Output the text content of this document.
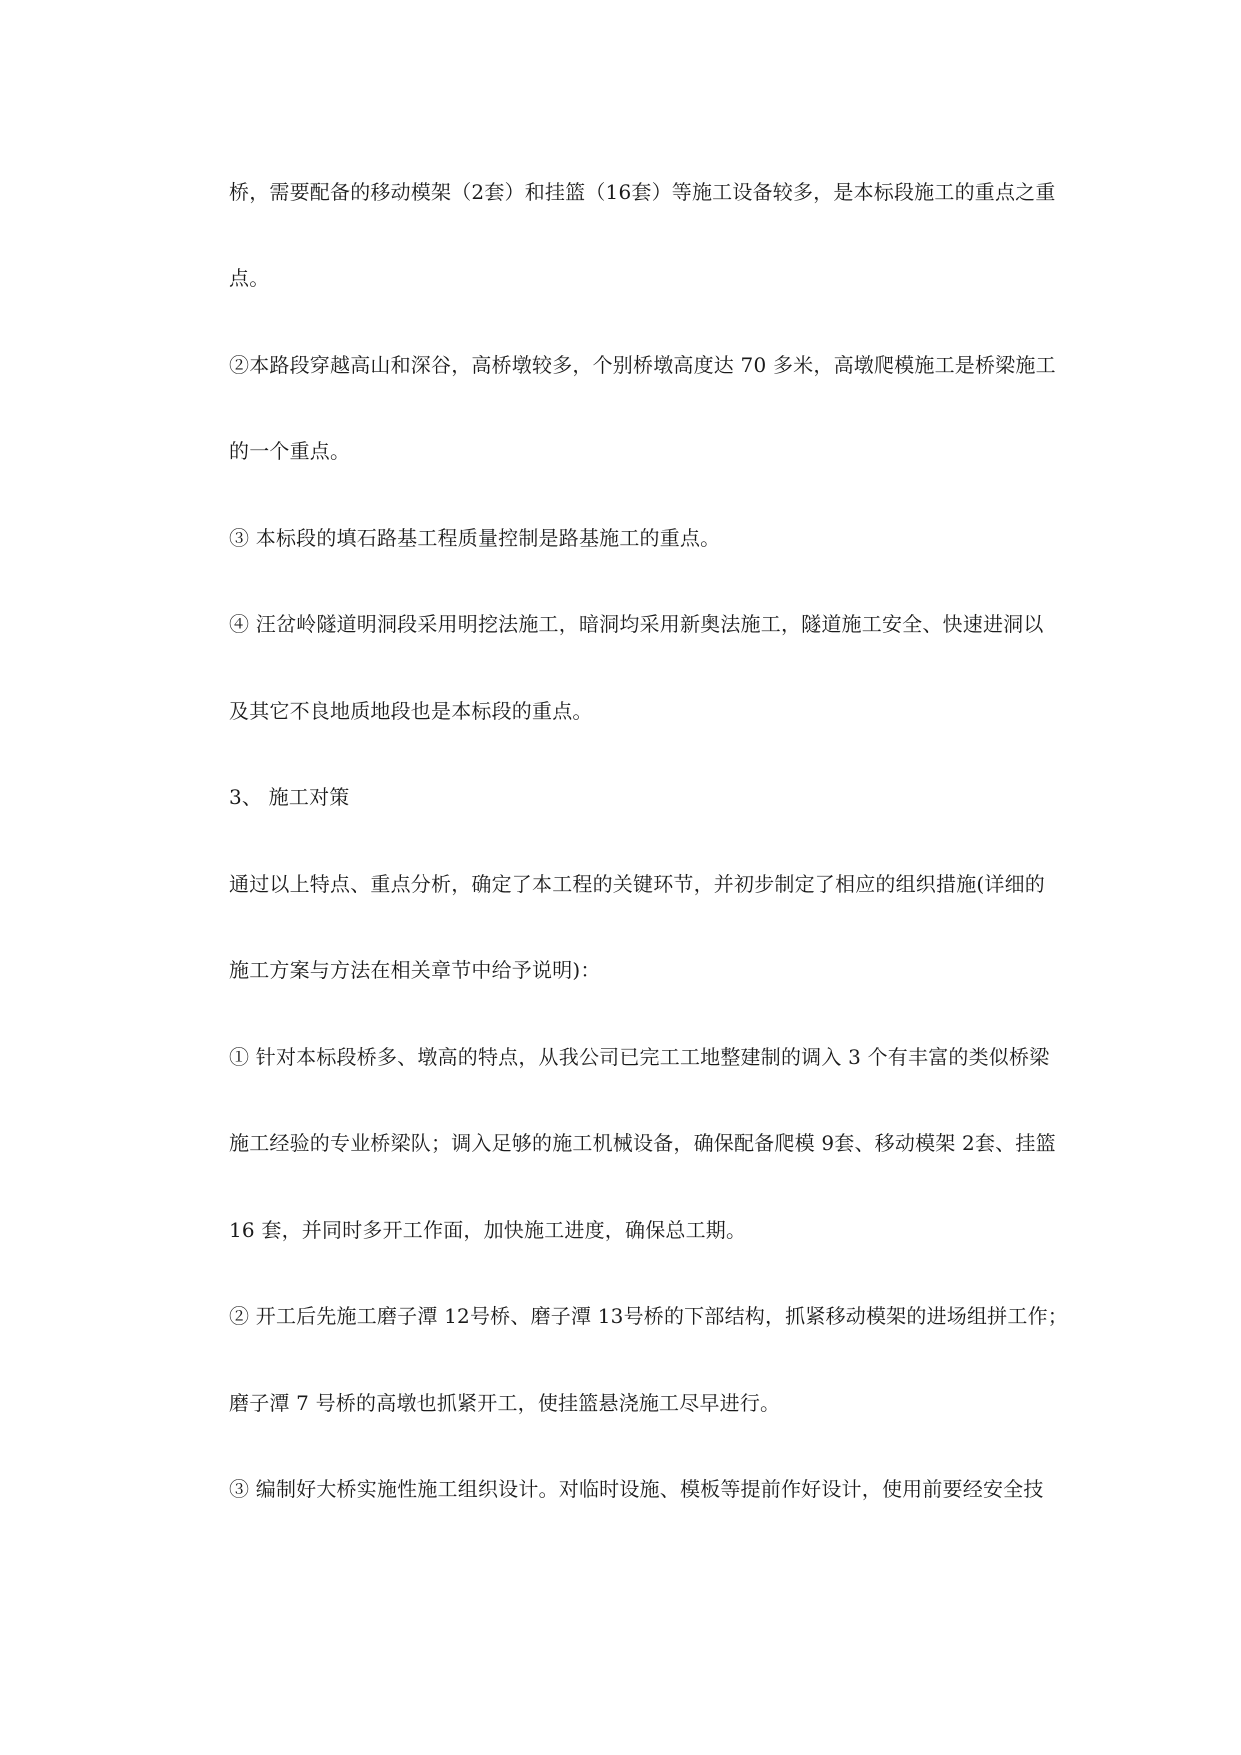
桥，需要配备的移动模架（2套）和挂篮（16套）等施工设备较多，是本标段施工的重点之重
点。
②本路段穿越高山和深谷，高桥墩较多，个别桥墩高度达 70 多米，高墩爬模施工是桥梁施工
的一个重点。
③ 本标段的填石路基工程质量控制是路基施工的重点。
④ 汪岔岭隧道明洞段采用明挖法施工，暗洞均采用新奥法施工，隧道施工安全、快速进洞以
及其它不良地质地段也是本标段的重点。
3、 施工对策
通过以上特点、重点分析，确定了本工程的关键环节，并初步制定了相应的组织措施(详细的
施工方案与方法在相关章节中给予说明)：
① 针对本标段桥多、墩高的特点，从我公司已完工工地整建制的调入 3 个有丰富的类似桥梁
施工经验的专业桥梁队；调入足够的施工机械设备，确保配备爬模 9套、移动模架 2套、挂篮
16 套，并同时多开工作面，加快施工进度，确保总工期。
② 开工后先施工磨子潭 12号桥、磨子潭 13号桥的下部结构，抓紧移动模架的进场组拼工作；
磨子潭 7 号桥的高墩也抓紧开工，使挂篮悬浇施工尽早进行。
③ 编制好大桥实施性施工组织设计。对临时设施、模板等提前作好设计，使用前要经安全技
